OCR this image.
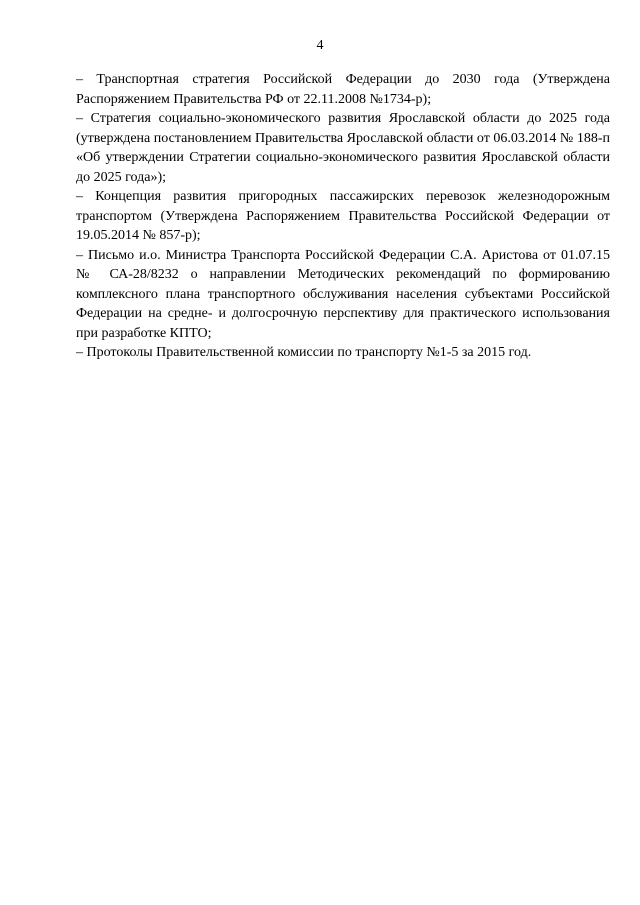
4

– Транспортная стратегия Российской Федерации до 2030 года (Утверждена Распоряжением Правительства РФ от 22.11.2008 №1734-р);

– Стратегия социально-экономического развития Ярославской области до 2025 года (утверждена постановлением Правительства Ярославской области от 06.03.2014 № 188-п «Об утверждении Стратегии социально-экономического развития Ярославской области до 2025 года»);

– Концепция развития пригородных пассажирских перевозок железнодорожным транспортом (Утверждена Распоряжением Правительства Российской Федерации от 19.05.2014 № 857-р);

– Письмо и.о. Министра Транспорта Российской Федерации С.А. Аристова от 01.07.15 № СА-28/8232 о направлении Методических рекомендаций по формированию комплексного плана транспортного обслуживания населения субъектами Российской Федерации на средне- и долгосрочную перспективу для практического использования при разработке КПТО;

– Протоколы Правительственной комиссии по транспорту №1-5 за 2015 год.
